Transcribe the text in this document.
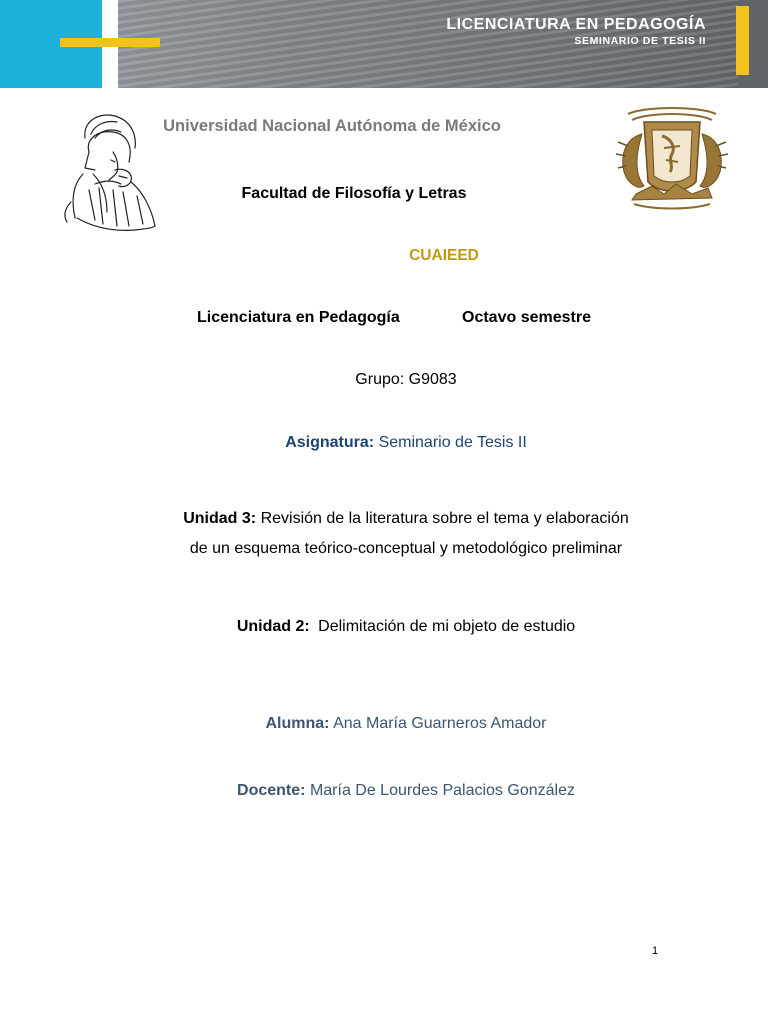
LICENCIATURA EN PEDAGOGÍA
SEMINARIO DE TESIS II
Universidad Nacional Autónoma de México
Facultad de Filosofía y Letras
CUAIEED
Licenciatura en Pedagogía	Octavo semestre
Grupo: G9083
Asignatura: Seminario de Tesis II
Unidad 3: Revisión de la literatura sobre el tema y elaboración
de un esquema teórico-conceptual y metodológico preliminar
Unidad 2: Delimitación de mi objeto de estudio
Alumna: Ana María Guarneros Amador
Docente: María De Lourdes Palacios González
1
